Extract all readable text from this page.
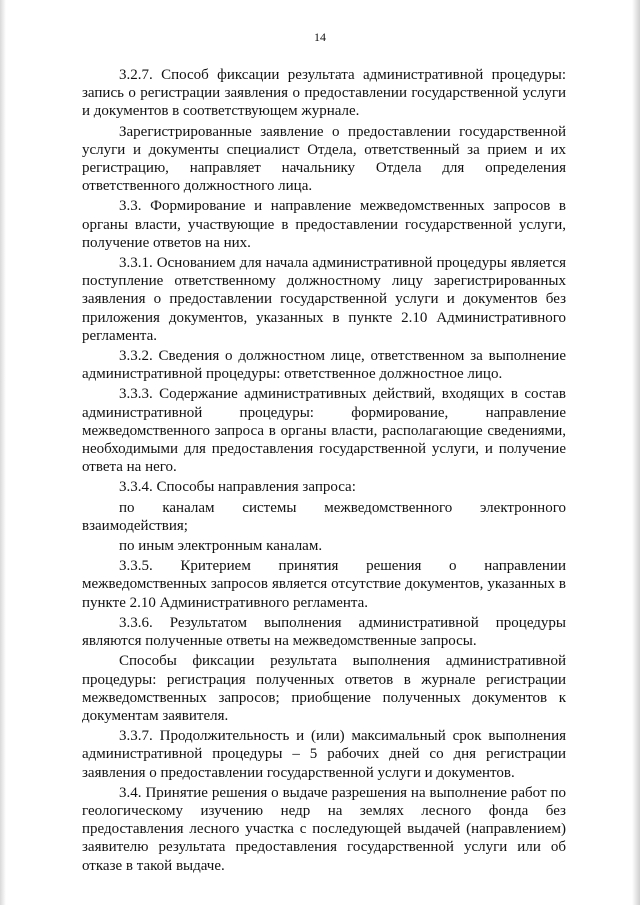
14

3.2.7. Способ фиксации результата административной процедуры: запись о регистрации заявления о предоставлении государственной услуги и документов в соответствующем журнале.

Зарегистрированные заявление о предоставлении государственной услуги и документы специалист Отдела, ответственный за прием и их регистрацию, направляет начальнику Отдела для определения ответственного должностного лица.

3.3. Формирование и направление межведомственных запросов в органы власти, участвующие в предоставлении государственной услуги, получение ответов на них.

3.3.1. Основанием для начала административной процедуры является поступление ответственному должностному лицу зарегистрированных заявления о предоставлении государственной услуги и документов без приложения документов, указанных в пункте 2.10 Административного регламента.

3.3.2. Сведения о должностном лице, ответственном за выполнение административной процедуры: ответственное должностное лицо.

3.3.3. Содержание административных действий, входящих в состав административной процедуры: формирование, направление межведомственного запроса в органы власти, располагающие сведениями, необходимыми для предоставления государственной услуги, и получение ответа на него.

3.3.4. Способы направления запроса:

по каналам системы межведомственного электронного взаимодействия;

по иным электронным каналам.

3.3.5. Критерием принятия решения о направлении межведомственных запросов является отсутствие документов, указанных в пункте 2.10 Административного регламента.

3.3.6. Результатом выполнения административной процедуры являются полученные ответы на межведомственные запросы.

Способы фиксации результата выполнения административной процедуры: регистрация полученных ответов в журнале регистрации межведомственных запросов; приобщение полученных документов к документам заявителя.

3.3.7. Продолжительность и (или) максимальный срок выполнения административной процедуры – 5 рабочих дней со дня регистрации заявления о предоставлении государственной услуги и документов.

3.4. Принятие решения о выдаче разрешения на выполнение работ по геологическому изучению недр на землях лесного фонда без предоставления лесного участка с последующей выдачей (направлением) заявителю результата предоставления государственной услуги или об отказе в такой выдаче.
